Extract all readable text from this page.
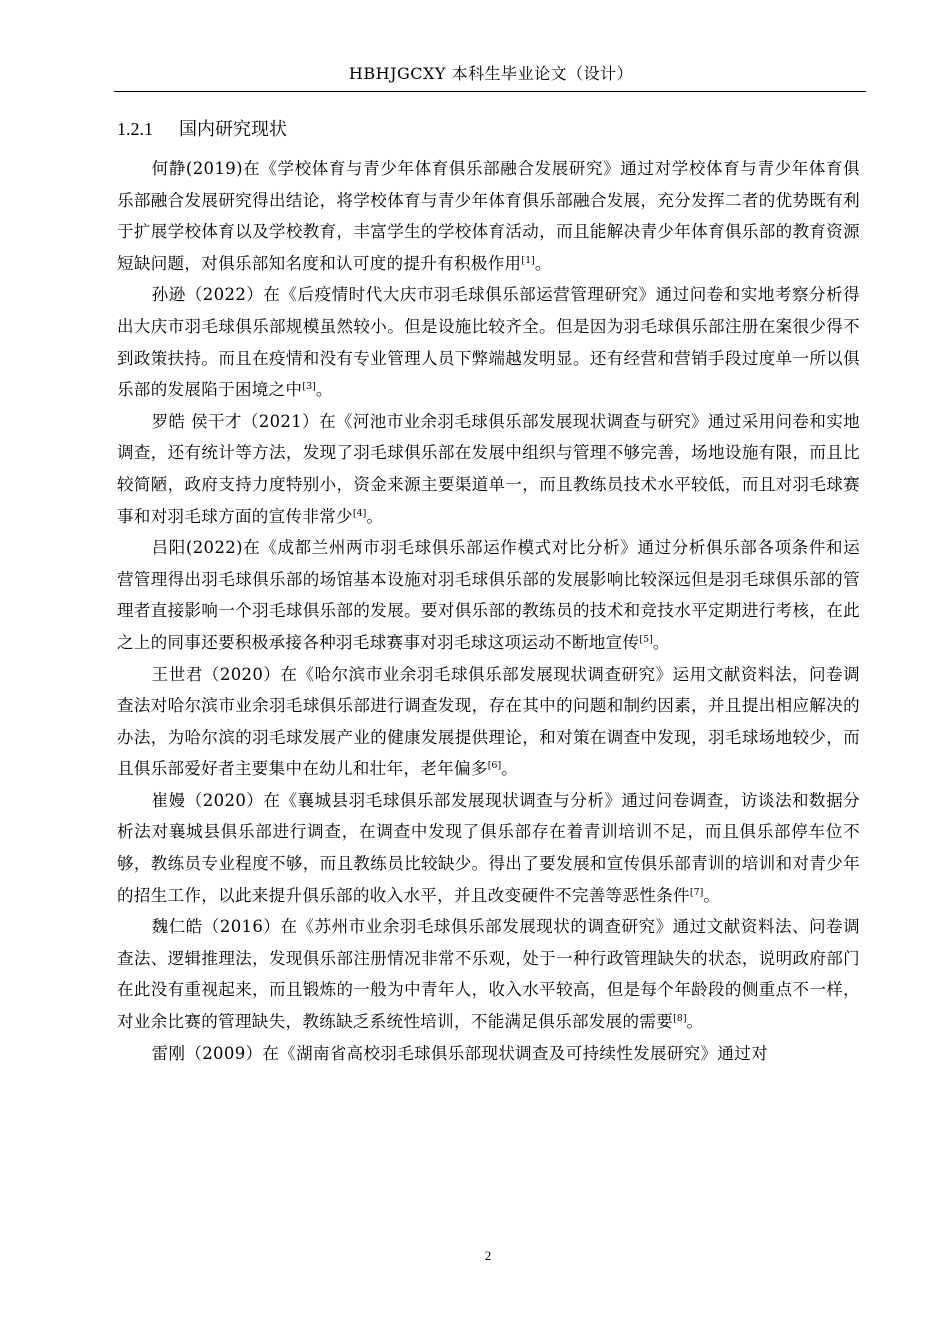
HBHJGCXY 本科生毕业论文（设计）
1.2.1 国内研究现状

何静(2019)在《学校体育与青少年体育俱乐部融合发展研究》通过对学校体育与青少年体育俱乐部融合发展研究得出结论，将学校体育与青少年体育俱乐部融合发展，充分发挥二者的优势既有利于扩展学校体育以及学校教育，丰富学生的学校体育活动，而且能解决青少年体育俱乐部的教育资源短缺问题，对俱乐部知名度和认可度的提升有积极作用[1]。

孙逊（2022）在《后疫情时代大庆市羽毛球俱乐部运营管理研究》通过问卷和实地考察分析得出大庆市羽毛球俱乐部规模虽然较小。但是设施比较齐全。但是因为羽毛球俱乐部注册在案很少得不到政策扶持。而且在疫情和没有专业管理人员下弊端越发明显。还有经营和营销手段过度单一所以俱乐部的发展陷于困境之中[3]。

罗皓 侯干才（2021）在《河池市业余羽毛球俱乐部发展现状调查与研究》通过采用问卷和实地调查，还有统计等方法，发现了羽毛球俱乐部在发展中组织与管理不够完善，场地设施有限，而且比较简陋，政府支持力度特别小，资金来源主要渠道单一，而且教练员技术水平较低，而且对羽毛球赛事和对羽毛球方面的宣传非常少[4]。

吕阳(2022)在《成都兰州两市羽毛球俱乐部运作模式对比分析》通过分析俱乐部各项条件和运营管理得出羽毛球俱乐部的场馆基本设施对羽毛球俱乐部的发展影响比较深远但是羽毛球俱乐部的管理者直接影响一个羽毛球俱乐部的发展。要对俱乐部的教练员的技术和竞技水平定期进行考核，在此之上的同事还要积极承接各种羽毛球赛事对羽毛球这项运动不断地宣传[5]。

王世君（2020）在《哈尔滨市业余羽毛球俱乐部发展现状调查研究》运用文献资料法，问卷调查法对哈尔滨市业余羽毛球俱乐部进行调查发现，存在其中的问题和制约因素，并且提出相应解决的办法，为哈尔滨的羽毛球发展产业的健康发展提供理论，和对策在调查中发现，羽毛球场地较少，而且俱乐部爱好者主要集中在幼儿和壮年，老年偏多[6]。

崔嫚（2020）在《襄城县羽毛球俱乐部发展现状调查与分析》通过问卷调查，访谈法和数据分析法对襄城县俱乐部进行调查，在调查中发现了俱乐部存在着青训培训不足，而且俱乐部停车位不够，教练员专业程度不够，而且教练员比较缺少。得出了要发展和宣传俱乐部青训的培训和对青少年的招生工作，以此来提升俱乐部的收入水平，并且改变硬件不完善等恶性条件[7]。

魏仁皓（2016）在《苏州市业余羽毛球俱乐部发展现状的调查研究》通过文献资料法、问卷调查法、逻辑推理法，发现俱乐部注册情况非常不乐观，处于一种行政管理缺失的状态，说明政府部门在此没有重视起来，而且锻炼的一般为中青年人，收入水平较高，但是每个年龄段的侧重点不一样，对业余比赛的管理缺失，教练缺乏系统性培训，不能满足俱乐部发展的需要[8]。

雷刚（2009）在《湖南省高校羽毛球俱乐部现状调查及可持续性发展研究》通过对

2
